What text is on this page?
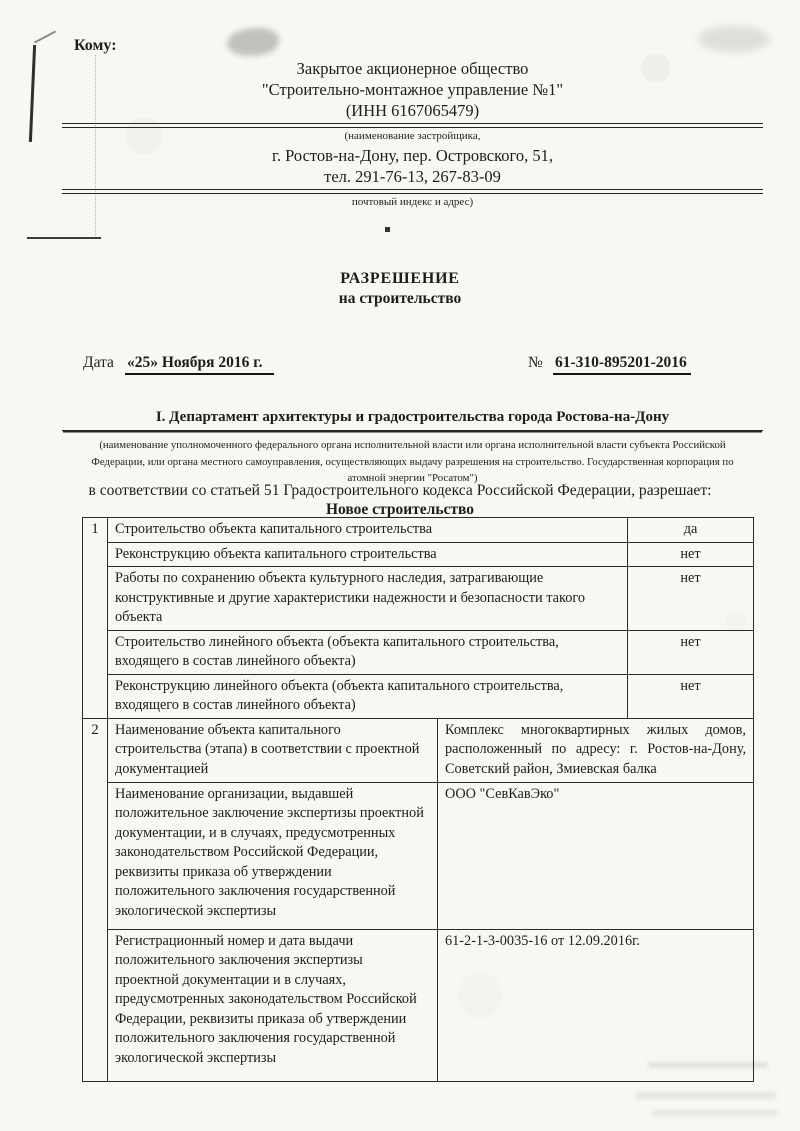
Кому:
Закрытое акционерное общество
"Строительно-монтажное управление №1"
(ИНН 6167065479)
(наименование застройщика,
г. Ростов-на-Дону, пер. Островского, 51,
тел. 291-76-13, 267-83-09
почтовый индекс и адрес)
РАЗРЕШЕНИЕ
на строительство
Дата «25» Ноября 2016 г.	№ 61-310-895201-2016
I. Департамент архитектуры и градостроительства города Ростова-на-Дону
(наименование уполномоченного федерального органа исполнительной власти или органа исполнительной власти субъекта Российской
Федерации, или органа местного самоуправления, осуществляющих выдачу разрешения на строительство. Государственная корпорация по
атомной энергии "Росатом")
в соответствии со статьей 51 Градостроительного кодекса Российской Федерации, разрешает:
Новое строительство
1	Строительство объекта капитального строительства		да
	Реконструкцию объекта капитального строительства		нет
	Работы по сохранению объекта культурного наследия, затрагивающие конструктивные и другие характеристики надежности и безопасности такого объекта		нет
	Строительство линейного объекта (объекта капитального строительства, входящего в состав линейного объекта)		нет
	Реконструкцию линейного объекта (объекта капитального строительства, входящего в состав линейного объекта)		нет
2	Наименование объекта капитального строительства (этапа) в соответствии с проектной документацией	Комплекс многоквартирных жилых домов, расположенный по адресу: г. Ростов-на-Дону, Советский район, Змиевская балка	
	Наименование организации, выдавшей положительное заключение экспертизы проектной документации, и в случаях, предусмотренных законодательством Российской Федерации, реквизиты приказа об утверждении положительного заключения государственной экологической экспертизы	ООО "СевКавЭко"	
	Регистрационный номер и дата выдачи положительного заключения экспертизы проектной документации и в случаях, предусмотренных законодательством Российской Федерации, реквизиты приказа об утверждении положительного заключения государственной экологической экспертизы	61-2-1-3-0035-16 от 12.09.2016г.	
